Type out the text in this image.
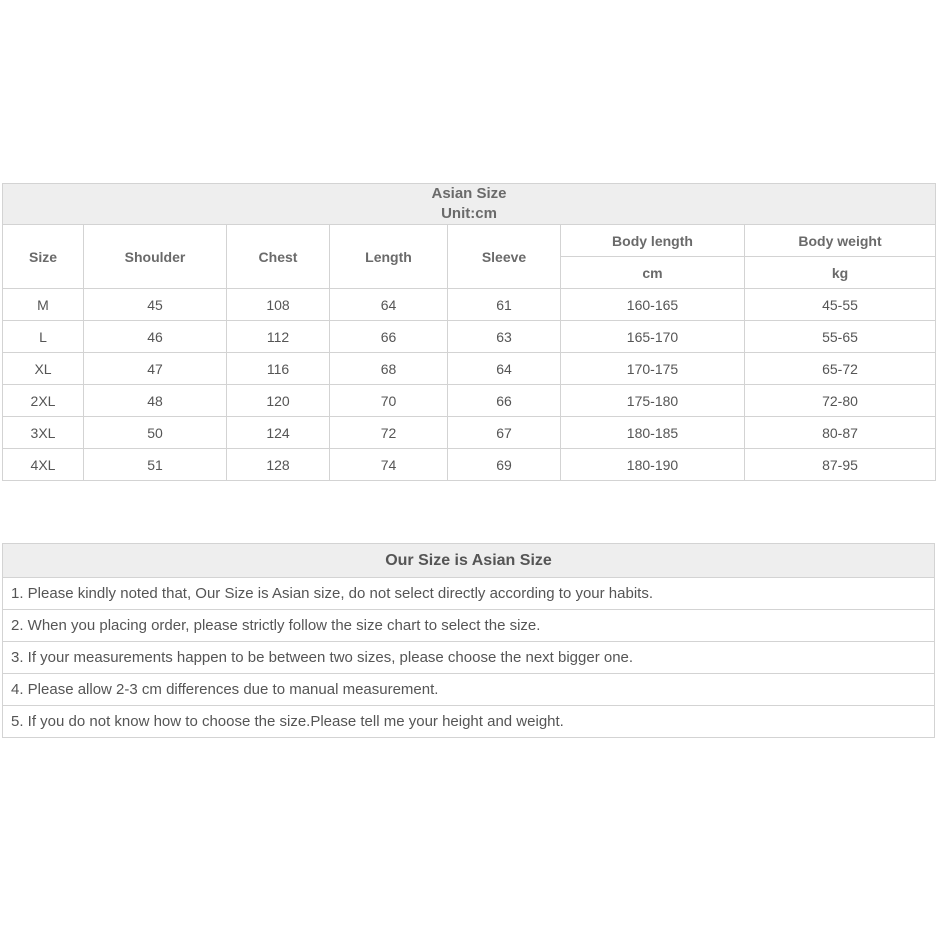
Asian Size
Unit:cm						

Size	Shoulder	Chest	Length	Sleeve	Body length	Body weight
					cm	kg
M	45	108	64	61	160-165	45-55
L	46	112	66	63	165-170	55-65
XL	47	116	68	64	170-175	65-72
2XL	48	120	70	66	175-180	72-80
3XL	50	124	72	67	180-185	80-87
4XL	51	128	74	69	180-190	87-95
Our Size is Asian Size
1. Please kindly noted that, Our Size is Asian size, do not select directly according to your habits.
2. When you placing order, please strictly follow the size chart to select the size.
3. If your measurements happen to be between two sizes, please choose the next bigger one.
4. Please allow 2-3 cm differences due to manual measurement.
5. If you do not know how to choose the size.Please tell me your height and weight.
